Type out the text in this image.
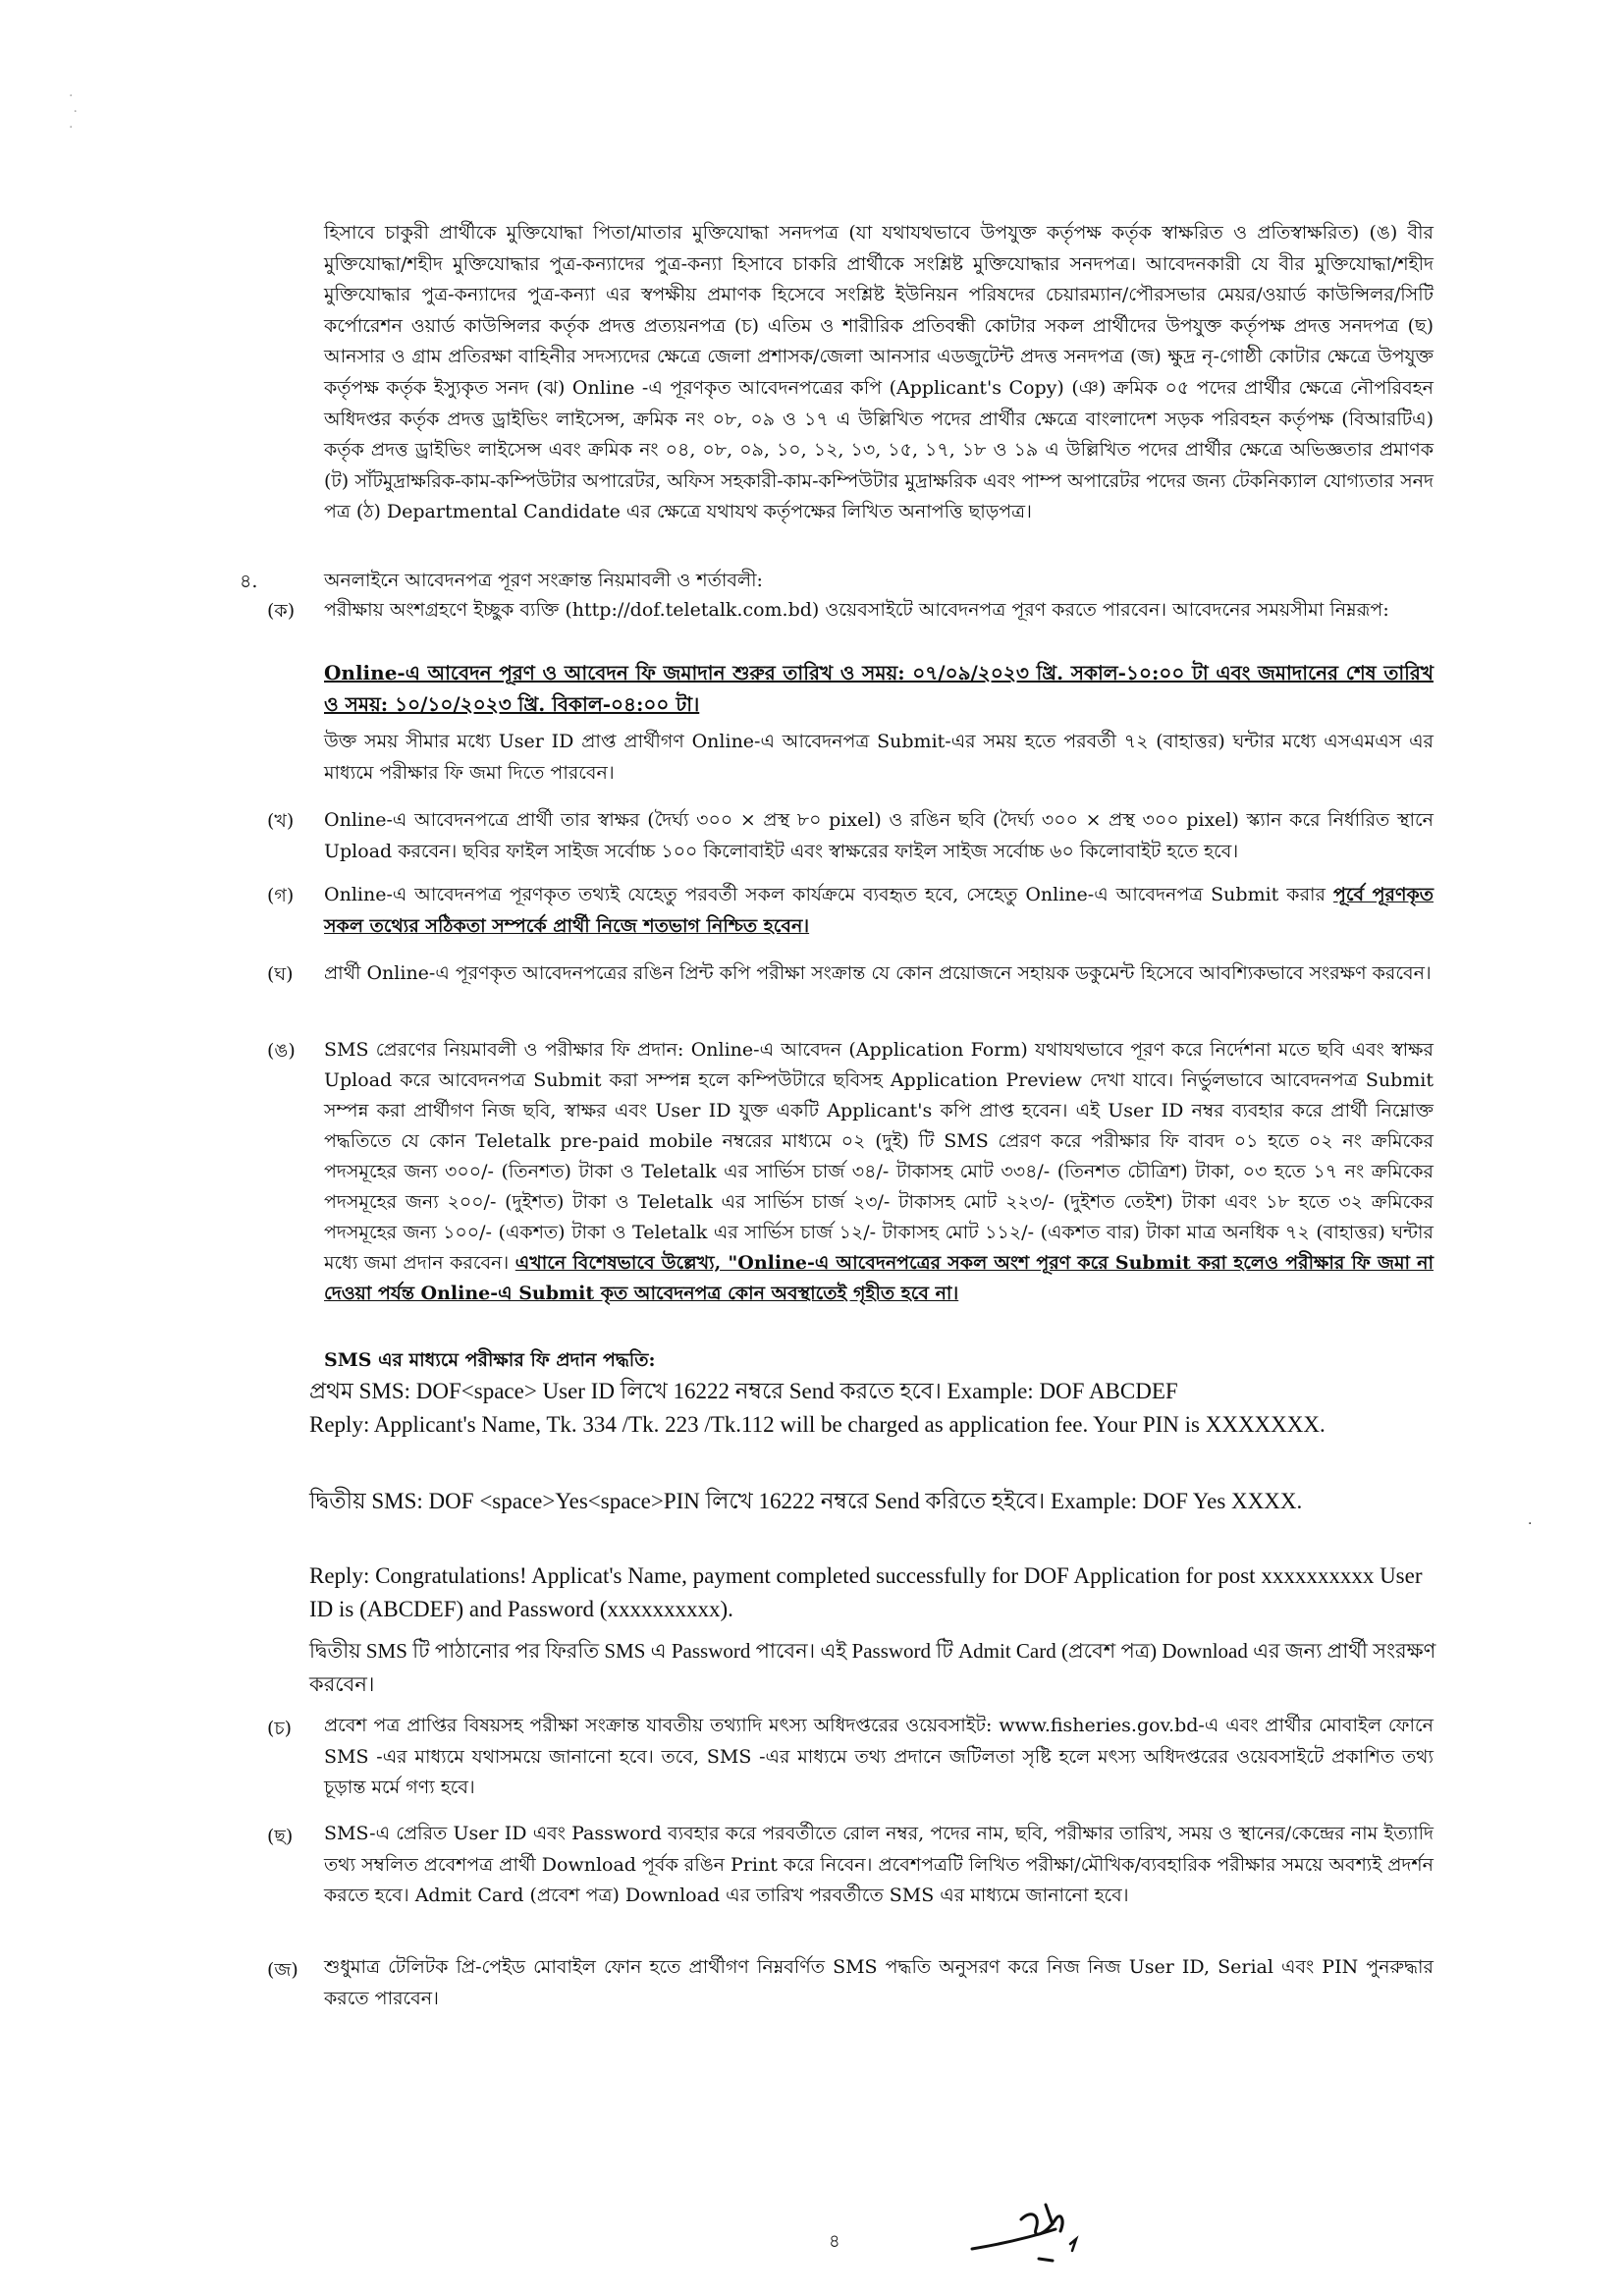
·
·
·
হিসাবে চাকুরী প্রার্থীকে মুক্তিযোদ্ধা পিতা/মাতার মুক্তিযোদ্ধা সনদপত্র (যা যথাযথভাবে উপযুক্ত কর্তৃপক্ষ কর্তৃক স্বাক্ষরিত ও প্রতিস্বাক্ষরিত) (ঙ) বীর মুক্তিযোদ্ধা/শহীদ মুক্তিযোদ্ধার পুত্র-কন্যাদের পুত্র-কন্যা হিসাবে চাকরি প্রার্থীকে সংশ্লিষ্ট মুক্তিযোদ্ধার সনদপত্র। আবেদনকারী যে বীর মুক্তিযোদ্ধা/শহীদ মুক্তিযোদ্ধার পুত্র-কন্যাদের পুত্র-কন্যা এর স্বপক্ষীয় প্রমাণক হিসেবে সংশ্লিষ্ট ইউনিয়ন পরিষদের চেয়ারম্যান/পৌরসভার মেয়র/ওয়ার্ড কাউন্সিলর/সিটি কর্পোরেশন ওয়ার্ড কাউন্সিলর কর্তৃক প্রদত্ত প্রত্যয়নপত্র (চ) এতিম ও শারীরিক প্রতিবন্ধী কোটার সকল প্রার্থীদের উপযুক্ত কর্তৃপক্ষ প্রদত্ত সনদপত্র (ছ) আনসার ও গ্রাম প্রতিরক্ষা বাহিনীর সদস্যদের ক্ষেত্রে জেলা প্রশাসক/জেলা আনসার এডজুটেন্ট প্রদত্ত সনদপত্র (জ) ক্ষুদ্র নৃ-গোষ্ঠী কোটার ক্ষেত্রে উপযুক্ত কর্তৃপক্ষ কর্তৃক ইস্যুকৃত সনদ (ঝ) Online -এ পূরণকৃত আবেদনপত্রের কপি (Applicant's Copy) (ঞ) ক্রমিক ০৫ পদের প্রার্থীর ক্ষেত্রে নৌপরিবহন অধিদপ্তর কর্তৃক প্রদত্ত ড্রাইভিং লাইসেন্স, ক্রমিক নং ০৮, ০৯ ও ১৭ এ উল্লিখিত পদের প্রার্থীর ক্ষেত্রে বাংলাদেশ সড়ক পরিবহন কর্তৃপক্ষ (বিআরটিএ) কর্তৃক প্রদত্ত ড্রাইভিং লাইসেন্স এবং ক্রমিক নং ০৪, ০৮, ০৯, ১০, ১২, ১৩, ১৫, ১৭, ১৮ ও ১৯ এ উল্লিখিত পদের প্রার্থীর ক্ষেত্রে অভিজ্ঞতার প্রমাণক (ট) সাঁটমুদ্রাক্ষরিক-কাম-কম্পিউটার অপারেটর, অফিস সহকারী-কাম-কম্পিউটার মুদ্রাক্ষরিক এবং পাম্প অপারেটর পদের জন্য টেকনিক্যাল যোগ্যতার সনদ পত্র (ঠ) Departmental Candidate এর ক্ষেত্রে যথাযথ কর্তৃপক্ষের লিখিত অনাপত্তি ছাড়পত্র।
৪.	অনলাইনে আবেদনপত্র পূরণ সংক্রান্ত নিয়মাবলী ও শর্তাবলী:
(ক) পরীক্ষায় অংশগ্রহণে ইচ্ছুক ব্যক্তি (http://dof.teletalk.com.bd) ওয়েবসাইটে আবেদনপত্র পূরণ করতে পারবেন। আবেদনের সময়সীমা নিম্নরূপ:
Online-এ আবেদন পূরণ ও আবেদন ফি জমাদান শুরুর তারিখ ও সময়: ০৭/০৯/২০২৩ খ্রি. সকাল-১০:০০ টা এবং জমাদানের শেষ তারিখ ও সময়: ১০/১০/২০২৩ খ্রি. বিকাল-০৪:০০ টা।
উক্ত সময় সীমার মধ্যে User ID প্রাপ্ত প্রার্থীগণ Online-এ আবেদনপত্র Submit-এর সময় হতে পরবর্তী ৭২ (বাহাত্তর) ঘন্টার মধ্যে এসএমএস এর মাধ্যমে পরীক্ষার ফি জমা দিতে পারবেন।
(খ) Online-এ আবেদনপত্রে প্রার্থী তার স্বাক্ষর (দৈর্ঘ্য ৩০০ × প্রস্থ ৮০ pixel) ও রঙিন ছবি (দৈর্ঘ্য ৩০০ × প্রস্থ ৩০০ pixel) স্ক্যান করে নির্ধারিত স্থানে Upload করবেন। ছবির ফাইল সাইজ সর্বোচ্চ ১০০ কিলোবাইট এবং স্বাক্ষরের ফাইল সাইজ সর্বোচ্চ ৬০ কিলোবাইট হতে হবে।
(গ) Online-এ আবেদনপত্র পূরণকৃত তথ্যই যেহেতু পরবর্তী সকল কার্যক্রমে ব্যবহৃত হবে, সেহেতু Online-এ আবেদনপত্র Submit করার পূর্বে পূরণকৃত সকল তথ্যের সঠিকতা সম্পর্কে প্রার্থী নিজে শতভাগ নিশ্চিত হবেন।
(ঘ) প্রার্থী Online-এ পূরণকৃত আবেদনপত্রের রঙিন প্রিন্ট কপি পরীক্ষা সংক্রান্ত যে কোন প্রয়োজনে সহায়ক ডকুমেন্ট হিসেবে আবশ্যিকভাবে সংরক্ষণ করবেন।
(ঙ) SMS প্রেরণের নিয়মাবলী ও পরীক্ষার ফি প্রদান: Online-এ আবেদন (Application Form) যথাযথভাবে পূরণ করে নির্দেশনা মতে ছবি এবং স্বাক্ষর Upload করে আবেদনপত্র Submit করা সম্পন্ন হলে কম্পিউটারে ছবিসহ Application Preview দেখা যাবে। নির্ভুলভাবে আবেদনপত্র Submit সম্পন্ন করা প্রার্থীগণ নিজ ছবি, স্বাক্ষর এবং User ID যুক্ত একটি Applicant's কপি প্রাপ্ত হবেন। এই User ID নম্বর ব্যবহার করে প্রার্থী নিম্নোক্ত পদ্ধতিতে যে কোন Teletalk pre-paid mobile নম্বরের মাধ্যমে ০২ (দুই) টি SMS প্রেরণ করে পরীক্ষার ফি বাবদ ০১ হতে ০২ নং ক্রমিকের পদসমূহের জন্য ৩০০/- (তিনশত) টাকা ও Teletalk এর সার্ভিস চার্জ ৩৪/- টাকাসহ মোট ৩৩৪/- (তিনশত চৌত্রিশ) টাকা, ০৩ হতে ১৭ নং ক্রমিকের পদসমূহের জন্য ২০০/- (দুইশত) টাকা ও Teletalk এর সার্ভিস চার্জ ২৩/- টাকাসহ মোট ২২৩/- (দুইশত তেইশ) টাকা এবং ১৮ হতে ৩২ ক্রমিকের পদসমূহের জন্য ১০০/- (একশত) টাকা ও Teletalk এর সার্ভিস চার্জ ১২/- টাকাসহ মোট ১১২/- (একশত বার) টাকা মাত্র অনধিক ৭২ (বাহাত্তর) ঘন্টার মধ্যে জমা প্রদান করবেন। এখানে বিশেষভাবে উল্লেখ্য, "Online-এ আবেদনপত্রের সকল অংশ পূরণ করে Submit করা হলেও পরীক্ষার ফি জমা না দেওয়া পর্যন্ত Online-এ Submit কৃত আবেদনপত্র কোন অবস্থাতেই গৃহীত হবে না।
SMS এর মাধ্যমে পরীক্ষার ফি প্রদান পদ্ধতি:
প্রথম SMS: DOF<space> User ID লিখে 16222 নম্বরে Send করতে হবে। Example: DOF ABCDEF
Reply: Applicant's Name, Tk. 334 /Tk. 223 /Tk.112 will be charged as application fee. Your PIN is XXXXXXX.
দ্বিতীয় SMS: DOF <space>Yes<space>PIN লিখে 16222 নম্বরে Send করিতে হইবে। Example: DOF Yes XXXX.
Reply: Congratulations! Applicat's Name, payment completed successfully for DOF Application for post xxxxxxxxxx User ID is (ABCDEF) and Password (xxxxxxxxxx).
দ্বিতীয় SMS টি পাঠানোর পর ফিরতি SMS এ Password পাবেন। এই Password টি Admit Card (প্রবেশ পত্র) Download এর জন্য প্রার্থী সংরক্ষণ করবেন।
(চ) প্রবেশ পত্র প্রাপ্তির বিষয়সহ পরীক্ষা সংক্রান্ত যাবতীয় তথ্যাদি মৎস্য অধিদপ্তরের ওয়েবসাইট: www.fisheries.gov.bd-এ এবং প্রার্থীর মোবাইল ফোনে SMS -এর মাধ্যমে যথাসময়ে জানানো হবে। তবে, SMS -এর মাধ্যমে তথ্য প্রদানে জটিলতা সৃষ্টি হলে মৎস্য অধিদপ্তরের ওয়েবসাইটে প্রকাশিত তথ্য চূড়ান্ত মর্মে গণ্য হবে।
(ছ) SMS-এ প্রেরিত User ID এবং Password ব্যবহার করে পরবর্তীতে রোল নম্বর, পদের নাম, ছবি, পরীক্ষার তারিখ, সময় ও স্থানের/কেন্দ্রের নাম ইত্যাদি তথ্য সম্বলিত প্রবেশপত্র প্রার্থী Download পূর্বক রঙিন Print করে নিবেন। প্রবেশপত্রটি লিখিত পরীক্ষা/মৌখিক/ব্যবহারিক পরীক্ষার সময়ে অবশ্যই প্রদর্শন করতে হবে। Admit Card (প্রবেশ পত্র) Download এর তারিখ পরবর্তীতে SMS এর মাধ্যমে জানানো হবে।
(জ) শুধুমাত্র টেলিটক প্রি-পেইড মোবাইল ফোন হতে প্রার্থীগণ নিম্নবর্ণিত SMS পদ্ধতি অনুসরণ করে নিজ নিজ User ID, Serial এবং PIN পুনরুদ্ধার করতে পারবেন।
৪
·
